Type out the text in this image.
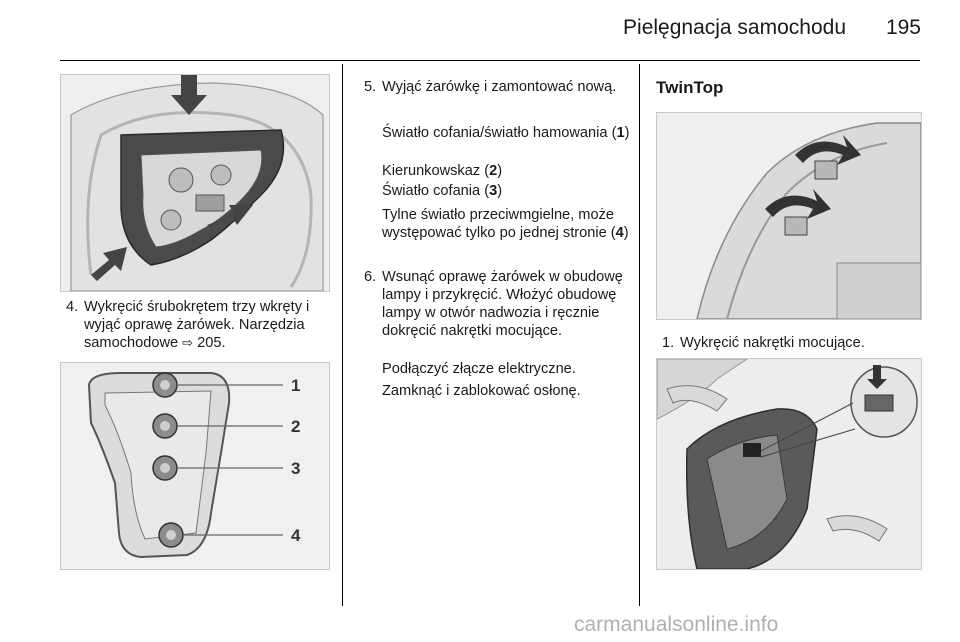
Pielęgnacja samochodu	195
4. Wykręcić śrubokrętem trzy wkręty i wyjąć oprawę żarówek. Narzędzia samochodowe ⇨ 205.
1
2
3
4
5. Wyjąć żarówkę i zamontować nową.
Światło cofania/światło hamowania (1)
Kierunkowskaz (2)
Światło cofania (3)
Tylne światło przeciwmgielne, może występować tylko po jednej stronie (4)
6. Wsunąć oprawę żarówek w obudowę lampy i przykręcić. Włożyć obudowę lampy w otwór nadwozia i ręcznie dokręcić nakrętki mocujące.
Podłączyć złącze elektryczne.
Zamknąć i zablokować osłonę.
TwinTop
1. Wykręcić nakrętki mocujące.
carmanualsonline.info
